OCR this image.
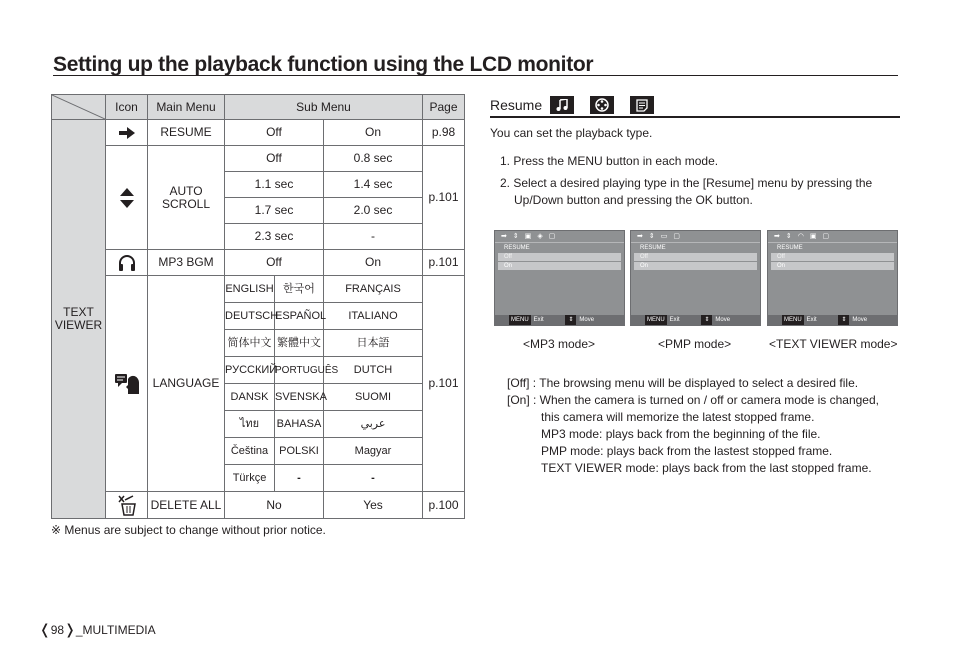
Setting up the playback function using the LCD monitor
	Icon	Main Menu	Sub Menu			Page
TEXT VIEWER		RESUME	Off		On	p.98

	AUTO SCROLL	Off		0.8 sec	p.101
			1.1 sec		1.4 sec	
			1.7 sec		2.0 sec	
			2.3 sec		-	

	MP3 BGM	Off		On	p.101

	LANGUAGE	ENGLISH	한국어	FRANÇAIS	p.101
			DEUTSCH	ESPAÑOL	ITALIANO	
			简体中文	繁體中文	日本語	
			РУССКИЙ	PORTUGUÊS	DUTCH	
			DANSK	SVENSKA	SUOMI	
			ไทย	BAHASA	عربي	
			Čeština	POLSKI	Magyar	
			Türkçe	-	-	

	DELETE ALL	No		Yes	p.100
※ Menus are subject to change without prior notice.
❬ 98 ❭ _MULTIMEDIA
Resume
You can set the playback type.
1. Press the MENU button in each mode.
2. Select a desired playing type in the [Resume] menu by pressing the Up/Down button and pressing the OK button.
➡ ⇕ ▣ ◈ ▢
RESUME
Off
On
MENU Exit	⇕ Move
➡ ⇕ ▭ ▢
RESUME
Off
On
MENU Exit	⇕ Move
➡ ⇕ ◠ ▣ ▢
RESUME
Off
On
MENU Exit	⇕ Move
<MP3 mode>	<PMP mode>	<TEXT VIEWER mode>
[Off] : The browsing menu will be displayed to select a desired file.
[On] : When the camera is turned on / off or camera mode is changed,
this camera will memorize the latest stopped frame.
MP3 mode: plays back from the beginning of the file.
PMP mode: plays back from the lastest stopped frame.
TEXT VIEWER mode: plays back from the last stopped frame.
